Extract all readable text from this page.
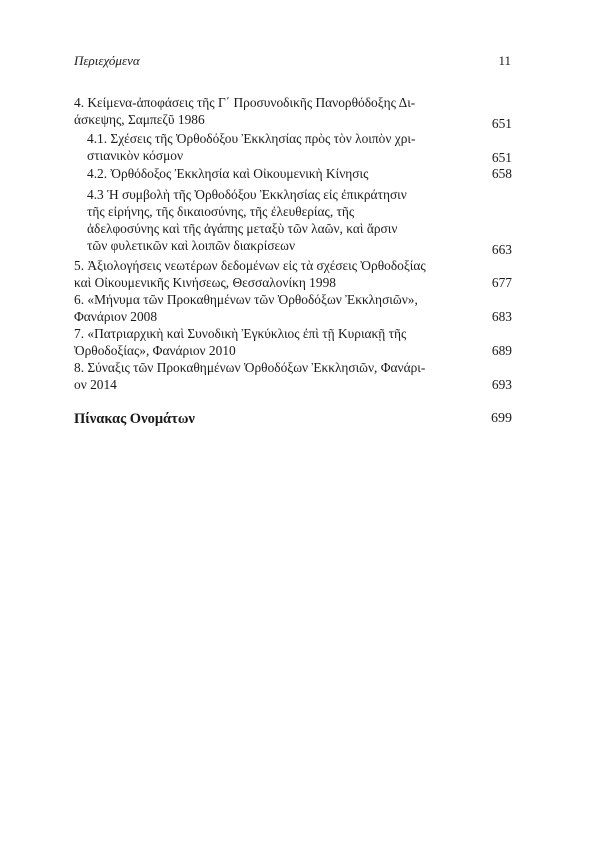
Περιεχόμενα	11
4. Κείμενα-ἀποφάσεις τῆς Γ΄ Προσυνοδικῆς Πανορθόδοξης Δι-
άσκεψης, Σαμπεζῦ 1986	651
4.1. Σχέσεις τῆς Ὀρθοδόξου Ἐκκλησίας πρὸς τὸν λοιπὸν χρι-
στιανικὸν κόσμον	651
4.2. Ὀρθόδοξος Ἐκκλησία καὶ Οἰκουμενικὴ Κίνησις	658
4.3 Ἡ συμβολὴ τῆς Ὀρθοδόξου Ἐκκλησίας εἰς ἐπικράτησιν
τῆς εἰρήνης, τῆς δικαιοσύνης, τῆς ἐλευθερίας, τῆς
ἀδελφοσύνης καὶ τῆς ἀγάπης μεταξὺ τῶν λαῶν, καὶ ἄρσιν
τῶν φυλετικῶν καὶ λοιπῶν διακρίσεων	663
5. Ἀξιολογήσεις νεωτέρων δεδομένων εἰς τὰ σχέσεις Ὀρθοδοξίας
καὶ Οἰκουμενικῆς Κινήσεως, Θεσσαλονίκη 1998	677
6. «Μήνυμα τῶν Προκαθημένων τῶν Ὀρθοδόξων Ἐκκλησιῶν»,
Φανάριον 2008	683
7. «Πατριαρχικὴ καὶ Συνοδικὴ Ἐγκύκλιος ἐπὶ τῇ Κυριακῇ τῆς
Ὀρθοδοξίας», Φανάριον 2010	689
8. Σύναξις τῶν Προκαθημένων Ὀρθοδόξων Ἐκκλησιῶν, Φανάρι-
ον 2014	693
Πίνακας Ονομάτων	699
